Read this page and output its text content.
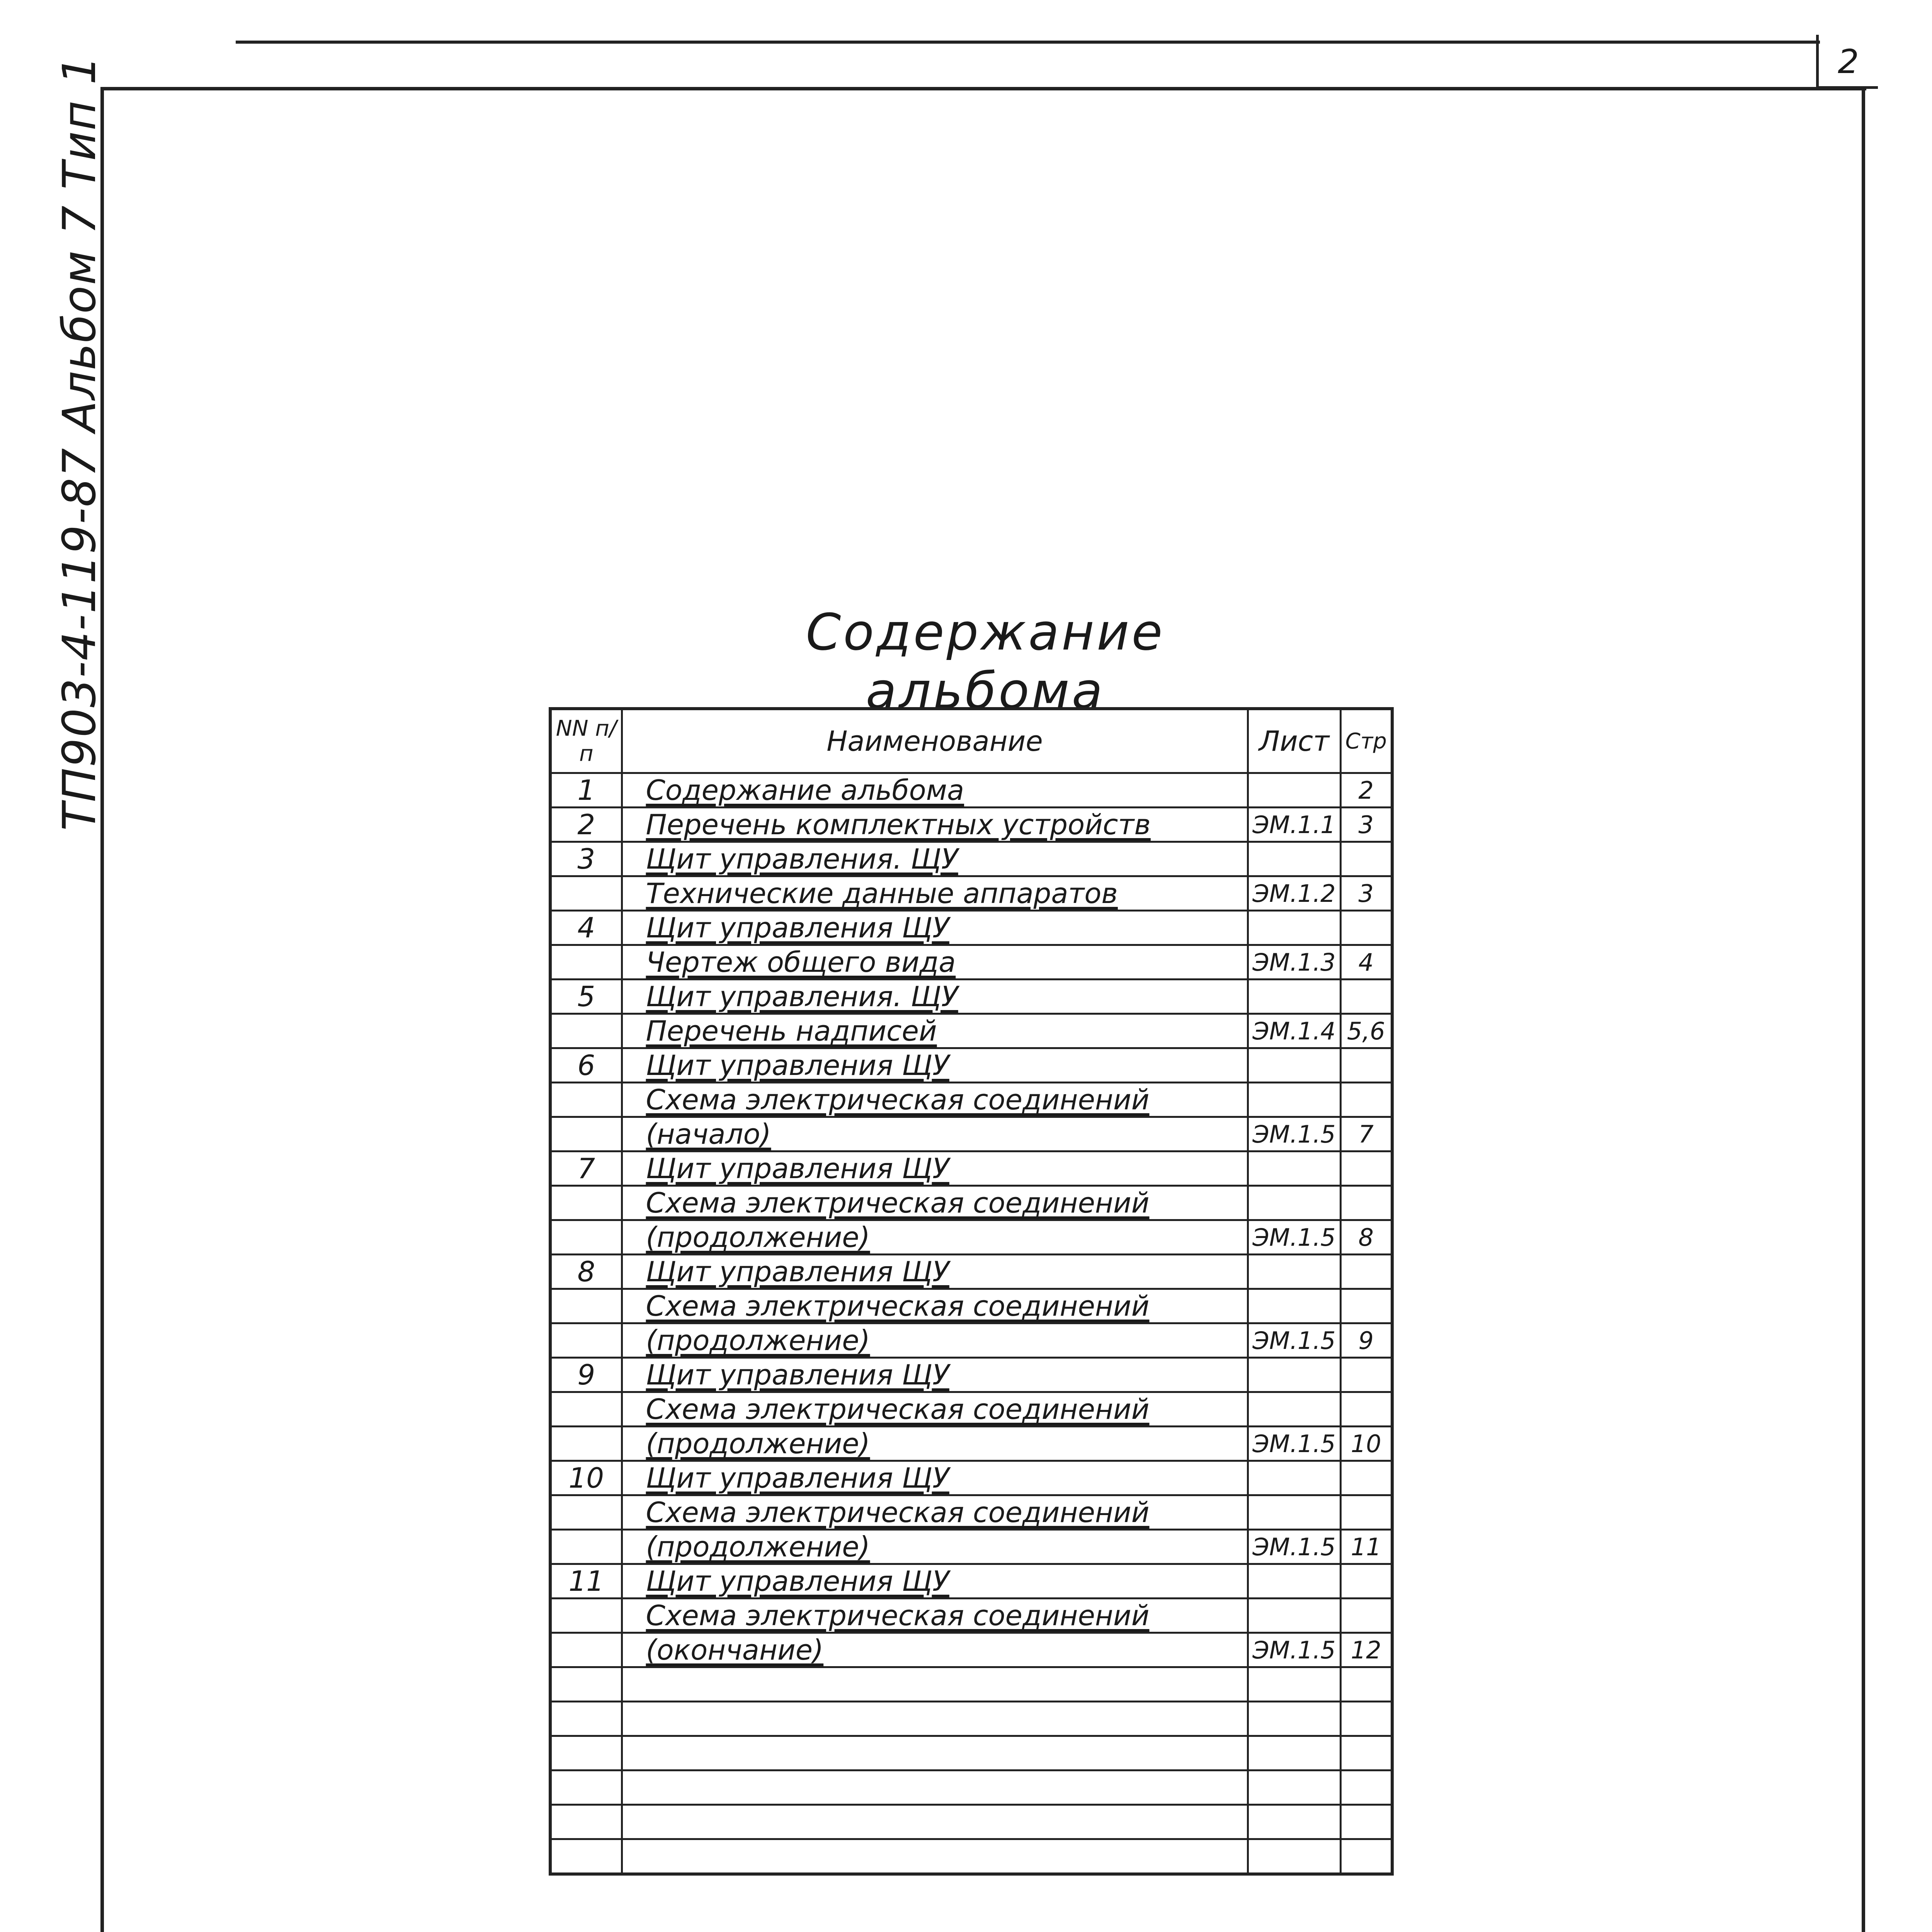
2
ТП903-4-119-87 Альбом 7 Тип 1	Содержание альбома
NN п/п	Наименование	Лист	Стр
1	Содержание альбома		2
2	Перечень комплектных устройств	ЭМ.1.1	3
3	Щит управления. ЩУ		
	Технические данные аппаратов	ЭМ.1.2	3
4	Щит управления ЩУ		
	Чертеж общего вида	ЭМ.1.3	4
5	Щит управления. ЩУ		
	Перечень надписей	ЭМ.1.4	5,6
6	Щит управления ЩУ		
	Схема электрическая соединений		
	(начало)	ЭМ.1.5	7
7	Щит управления ЩУ		
	Схема электрическая соединений		
	(продолжение)	ЭМ.1.5	8
8	Щит управления ЩУ		
	Схема электрическая соединений		
	(продолжение)	ЭМ.1.5	9
9	Щит управления ЩУ		
	Схема электрическая соединений		
	(продолжение)	ЭМ.1.5	10
10	Щит управления ЩУ		
	Схема электрическая соединений		
	(продолжение)	ЭМ.1.5	11
11	Щит управления ЩУ		
	Схема электрическая соединений		
	(окончание)	ЭМ.1.5	12
